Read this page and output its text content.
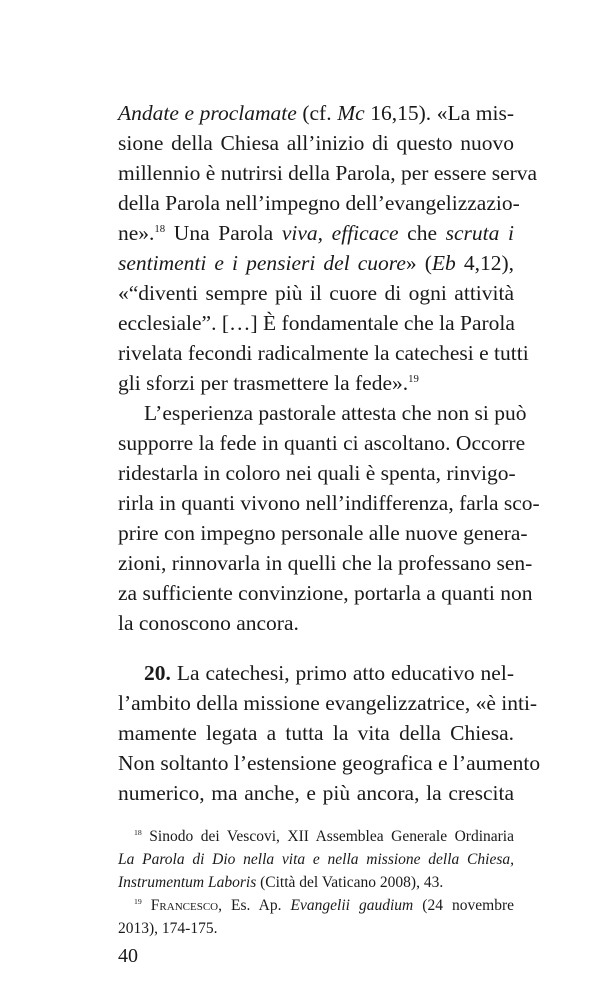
Andate e proclamate (cf. Mc 16,15). «La mis-
sione della Chiesa all’inizio di questo nuovo
millennio è nutrirsi della Parola, per essere serva
della Parola nell’impegno dell’evangelizzazio-
ne».$^{18}$ Una Parola viva, efficace che scruta i
sentimenti e i pensieri del cuore» (Eb 4,12),
«“diventi sempre più il cuore di ogni attività
ecclesiale”. […] È fondamentale che la Parola
rivelata fecondi radicalmente la catechesi e tutti
gli sforzi per trasmettere la fede».$^{19}$
L’esperienza pastorale attesta che non si può
supporre la fede in quanti ci ascoltano. Occorre
ridestarla in coloro nei quali è spenta, rinvigo-
rirla in quanti vivono nell’indifferenza, farla sco-
prire con impegno personale alle nuove genera-
zioni, rinnovarla in quelli che la professano sen-
za sufficiente convinzione, portarla a quanti non
la conoscono ancora.
20. La catechesi, primo atto educativo nel-
l’ambito della missione evangelizzatrice, «è inti-
mamente legata a tutta la vita della Chiesa.
Non soltanto l’estensione geografica e l’aumento
numerico, ma anche, e più ancora, la crescita
$^{18}$ Sinodo dei Vescovi, XII Assemblea Generale Ordinaria
La Parola di Dio nella vita e nella missione della Chiesa,
Instrumentum Laboris (Città del Vaticano 2008), 43.
$^{19}$ Francesco, Es. Ap. Evangelii gaudium (24 novembre
2013), 174-175.
40
